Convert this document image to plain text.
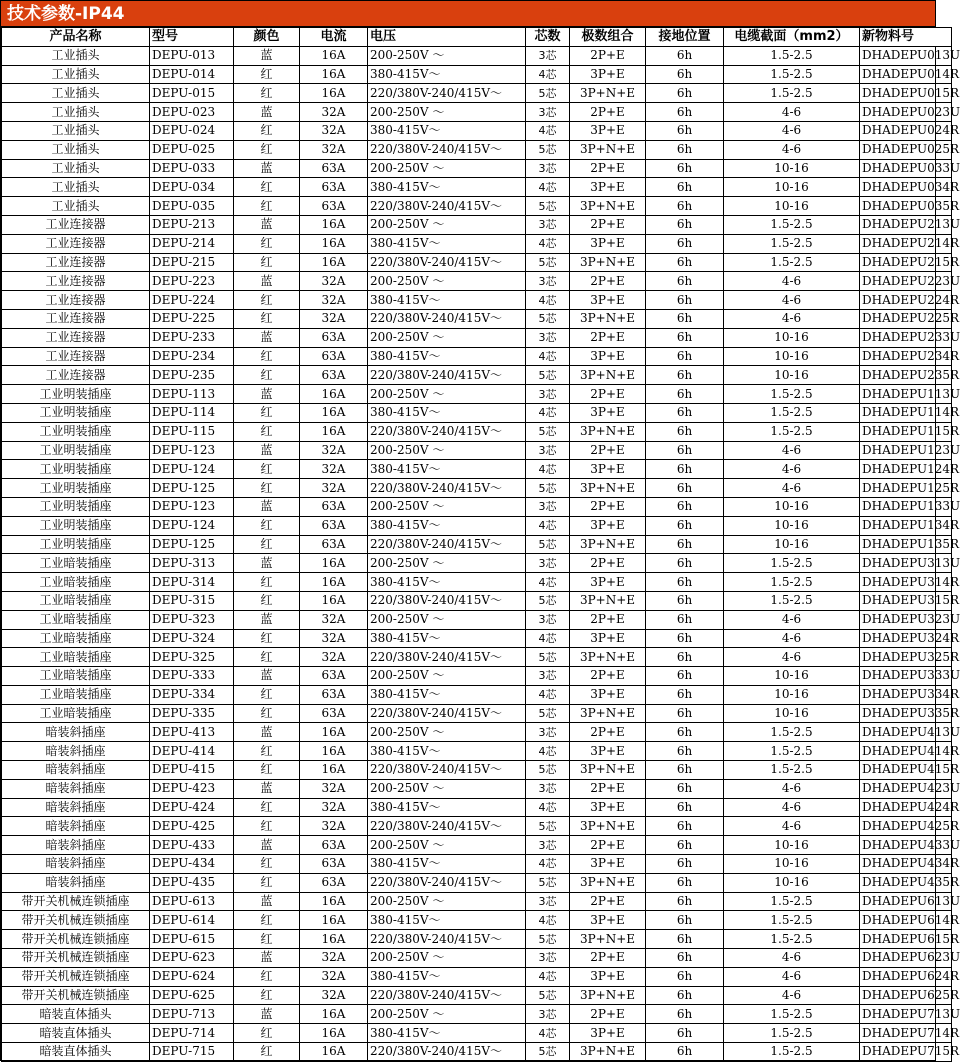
技术参数-IP44
产品名称	型号	颜色	电流	电压	芯数	极数组合	接地位置	电缆截面（mm2）	新物料号
工业插头	DEPU-013	蓝	16A	200-250V ～	3芯	2P+E	6h	1.5-2.5	DHADEPU013U
工业插头	DEPU-014	红	16A	380-415V～	4芯	3P+E	6h	1.5-2.5	DHADEPU014R
工业插头	DEPU-015	红	16A	220/380V-240/415V～	5芯	3P+N+E	6h	1.5-2.5	DHADEPU015R
工业插头	DEPU-023	蓝	32A	200-250V ～	3芯	2P+E	6h	4-6	DHADEPU023U
工业插头	DEPU-024	红	32A	380-415V～	4芯	3P+E	6h	4-6	DHADEPU024R
工业插头	DEPU-025	红	32A	220/380V-240/415V～	5芯	3P+N+E	6h	4-6	DHADEPU025R
工业插头	DEPU-033	蓝	63A	200-250V ～	3芯	2P+E	6h	10-16	DHADEPU033U
工业插头	DEPU-034	红	63A	380-415V～	4芯	3P+E	6h	10-16	DHADEPU034R
工业插头	DEPU-035	红	63A	220/380V-240/415V～	5芯	3P+N+E	6h	10-16	DHADEPU035R
工业连接器	DEPU-213	蓝	16A	200-250V ～	3芯	2P+E	6h	1.5-2.5	DHADEPU213U
工业连接器	DEPU-214	红	16A	380-415V～	4芯	3P+E	6h	1.5-2.5	DHADEPU214R
工业连接器	DEPU-215	红	16A	220/380V-240/415V～	5芯	3P+N+E	6h	1.5-2.5	DHADEPU215R
工业连接器	DEPU-223	蓝	32A	200-250V ～	3芯	2P+E	6h	4-6	DHADEPU223U
工业连接器	DEPU-224	红	32A	380-415V～	4芯	3P+E	6h	4-6	DHADEPU224R
工业连接器	DEPU-225	红	32A	220/380V-240/415V～	5芯	3P+N+E	6h	4-6	DHADEPU225R
工业连接器	DEPU-233	蓝	63A	200-250V ～	3芯	2P+E	6h	10-16	DHADEPU233U
工业连接器	DEPU-234	红	63A	380-415V～	4芯	3P+E	6h	10-16	DHADEPU234R
工业连接器	DEPU-235	红	63A	220/380V-240/415V～	5芯	3P+N+E	6h	10-16	DHADEPU235R
工业明装插座	DEPU-113	蓝	16A	200-250V ～	3芯	2P+E	6h	1.5-2.5	DHADEPU113U
工业明装插座	DEPU-114	红	16A	380-415V～	4芯	3P+E	6h	1.5-2.5	DHADEPU114R
工业明装插座	DEPU-115	红	16A	220/380V-240/415V～	5芯	3P+N+E	6h	1.5-2.5	DHADEPU115R
工业明装插座	DEPU-123	蓝	32A	200-250V ～	3芯	2P+E	6h	4-6	DHADEPU123U
工业明装插座	DEPU-124	红	32A	380-415V～	4芯	3P+E	6h	4-6	DHADEPU124R
工业明装插座	DEPU-125	红	32A	220/380V-240/415V～	5芯	3P+N+E	6h	4-6	DHADEPU125R
工业明装插座	DEPU-123	蓝	63A	200-250V ～	3芯	2P+E	6h	10-16	DHADEPU133U
工业明装插座	DEPU-124	红	63A	380-415V～	4芯	3P+E	6h	10-16	DHADEPU134R
工业明装插座	DEPU-125	红	63A	220/380V-240/415V～	5芯	3P+N+E	6h	10-16	DHADEPU135R
工业暗装插座	DEPU-313	蓝	16A	200-250V ～	3芯	2P+E	6h	1.5-2.5	DHADEPU313U
工业暗装插座	DEPU-314	红	16A	380-415V～	4芯	3P+E	6h	1.5-2.5	DHADEPU314R
工业暗装插座	DEPU-315	红	16A	220/380V-240/415V～	5芯	3P+N+E	6h	1.5-2.5	DHADEPU315R
工业暗装插座	DEPU-323	蓝	32A	200-250V ～	3芯	2P+E	6h	4-6	DHADEPU323U
工业暗装插座	DEPU-324	红	32A	380-415V～	4芯	3P+E	6h	4-6	DHADEPU324R
工业暗装插座	DEPU-325	红	32A	220/380V-240/415V～	5芯	3P+N+E	6h	4-6	DHADEPU325R
工业暗装插座	DEPU-333	蓝	63A	200-250V ～	3芯	2P+E	6h	10-16	DHADEPU333U
工业暗装插座	DEPU-334	红	63A	380-415V～	4芯	3P+E	6h	10-16	DHADEPU334R
工业暗装插座	DEPU-335	红	63A	220/380V-240/415V～	5芯	3P+N+E	6h	10-16	DHADEPU335R
暗装斜插座	DEPU-413	蓝	16A	200-250V ～	3芯	2P+E	6h	1.5-2.5	DHADEPU413U
暗装斜插座	DEPU-414	红	16A	380-415V～	4芯	3P+E	6h	1.5-2.5	DHADEPU414R
暗装斜插座	DEPU-415	红	16A	220/380V-240/415V～	5芯	3P+N+E	6h	1.5-2.5	DHADEPU415R
暗装斜插座	DEPU-423	蓝	32A	200-250V ～	3芯	2P+E	6h	4-6	DHADEPU423U
暗装斜插座	DEPU-424	红	32A	380-415V～	4芯	3P+E	6h	4-6	DHADEPU424R
暗装斜插座	DEPU-425	红	32A	220/380V-240/415V～	5芯	3P+N+E	6h	4-6	DHADEPU425R
暗装斜插座	DEPU-433	蓝	63A	200-250V ～	3芯	2P+E	6h	10-16	DHADEPU433U
暗装斜插座	DEPU-434	红	63A	380-415V～	4芯	3P+E	6h	10-16	DHADEPU434R
暗装斜插座	DEPU-435	红	63A	220/380V-240/415V～	5芯	3P+N+E	6h	10-16	DHADEPU435R
带开关机械连锁插座	DEPU-613	蓝	16A	200-250V ～	3芯	2P+E	6h	1.5-2.5	DHADEPU613U
带开关机械连锁插座	DEPU-614	红	16A	380-415V～	4芯	3P+E	6h	1.5-2.5	DHADEPU614R
带开关机械连锁插座	DEPU-615	红	16A	220/380V-240/415V～	5芯	3P+N+E	6h	1.5-2.5	DHADEPU615R
带开关机械连锁插座	DEPU-623	蓝	32A	200-250V ～	3芯	2P+E	6h	4-6	DHADEPU623U
带开关机械连锁插座	DEPU-624	红	32A	380-415V～	4芯	3P+E	6h	4-6	DHADEPU624R
带开关机械连锁插座	DEPU-625	红	32A	220/380V-240/415V～	5芯	3P+N+E	6h	4-6	DHADEPU625R
暗装直体插头	DEPU-713	蓝	16A	200-250V ～	3芯	2P+E	6h	1.5-2.5	DHADEPU713U
暗装直体插头	DEPU-714	红	16A	380-415V～	4芯	3P+E	6h	1.5-2.5	DHADEPU714R
暗装直体插头	DEPU-715	红	16A	220/380V-240/415V～	5芯	3P+N+E	6h	1.5-2.5	DHADEPU715R
